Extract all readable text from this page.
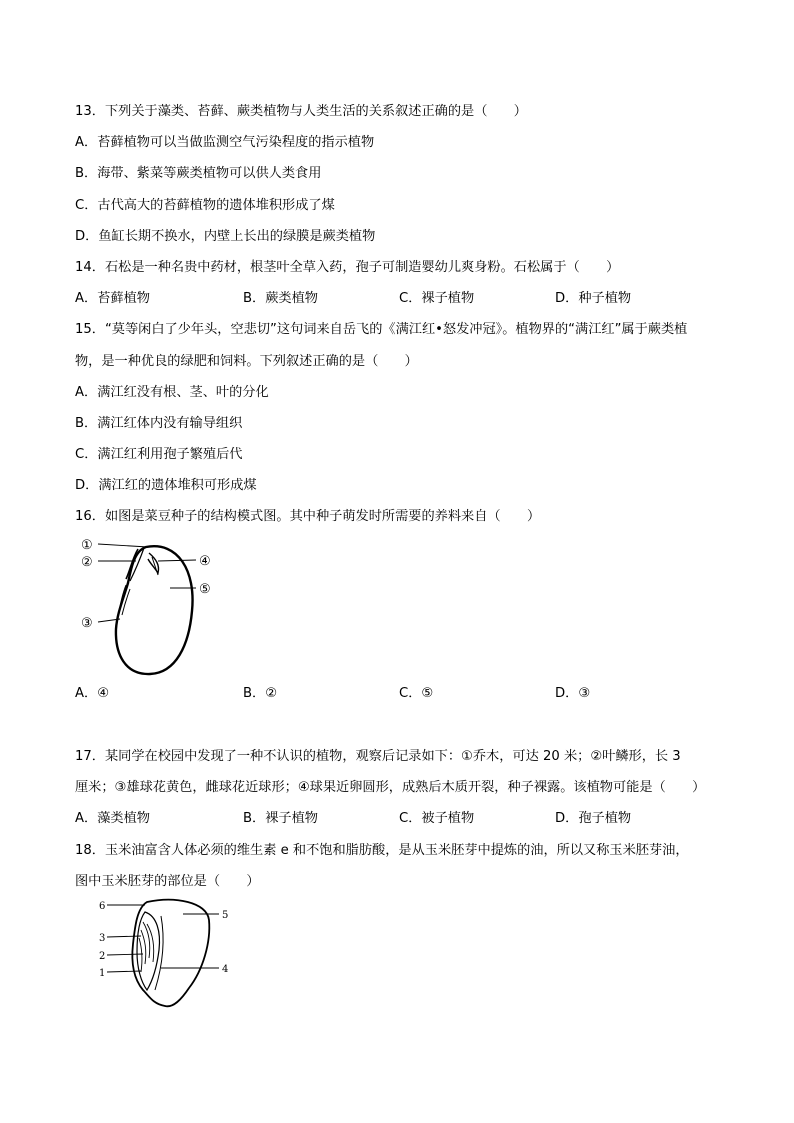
13．下列关于藻类、苔藓、蕨类植物与人类生活的关系叙述正确的是（　　）
A．苔藓植物可以当做监测空气污染程度的指示植物
B．海带、紫菜等蕨类植物可以供人类食用
C．古代高大的苔藓植物的遗体堆积形成了煤
D．鱼缸长期不换水，内壁上长出的绿膜是蕨类植物
14．石松是一种名贵中药材，根茎叶全草入药，孢子可制造婴幼儿爽身粉。石松属于（　　）
A．苔藓植物	B．蕨类植物	C．裸子植物	D．种子植物
15．“莫等闲白了少年头，空悲切”这句词来自岳飞的《满江红•怒发冲冠》。植物界的“满江红”属于蕨类植
物，是一种优良的绿肥和饲料。下列叙述正确的是（　　）
A．满江红没有根、茎、叶的分化
B．满江红体内没有输导组织
C．满江红利用孢子繁殖后代
D．满江红的遗体堆积可形成煤
16．如图是菜豆种子的结构模式图。其中种子萌发时所需要的养料来自（　　）
①
②
③
④
⑤
A．④	B．②	C．⑤	D．③
17．某同学在校园中发现了一种不认识的植物，观察后记录如下：①乔木，可达 20 米；②叶鳞形，长 3
厘米；③雄球花黄色，雌球花近球形；④球果近卵圆形，成熟后木质开裂，种子裸露。该植物可能是（　　）
A．藻类植物	B．裸子植物	C．被子植物	D．孢子植物
18．玉米油富含人体必须的维生素 e 和不饱和脂肪酸，是从玉米胚芽中提炼的油，所以又称玉米胚芽油，
图中玉米胚芽的部位是（　　）
1
2
3
4
5
6
